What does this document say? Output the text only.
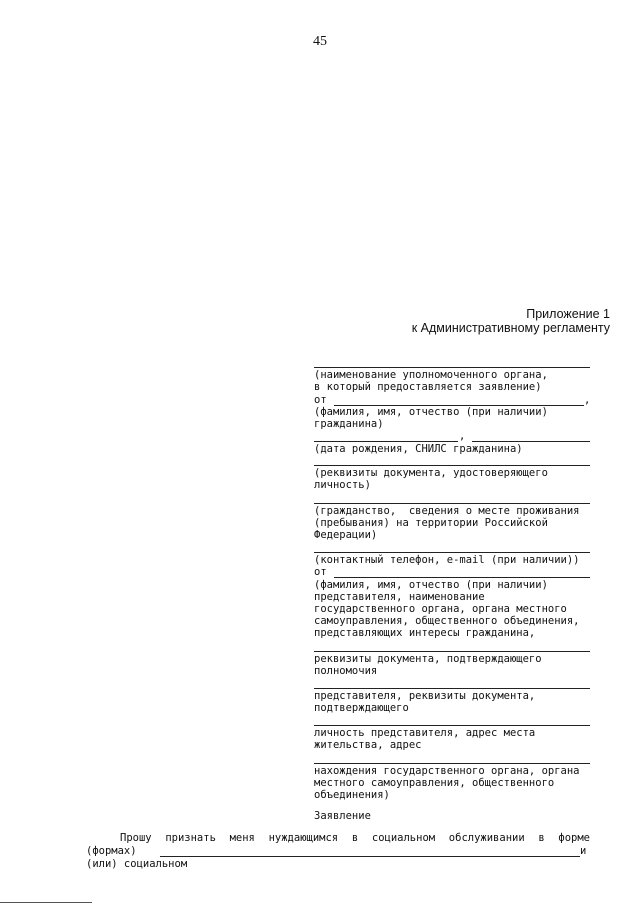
45
Приложение 1
к Административному регламенту
(наименование уполномоченного органа,
в который предоставляется заявление)
от	,
(фамилия, имя, отчество (при наличии)
гражданина)
,
(дата рождения, СНИЛС гражданина)
(реквизиты документа, удостоверяющего
личность)
(гражданство,  сведения о месте проживания
(пребывания) на территории Российской
Федерации)
(контактный телефон, e-mail (при наличии))
от
(фамилия, имя, отчество (при наличии)
представителя, наименование
государственного органа, органа местного
самоуправления, общественного объединения,
представляющих интересы гражданина,
реквизиты документа, подтверждающего
полномочия
представителя, реквизиты документа,
подтверждающего
личность представителя, адрес места
жительства, адрес
нахождения государственного органа, органа
местного самоуправления, общественного
объединения)
Заявление
Прошу признать меня нуждающимся в социальном обслуживании в форме
(формах)	и
(или) социальном
